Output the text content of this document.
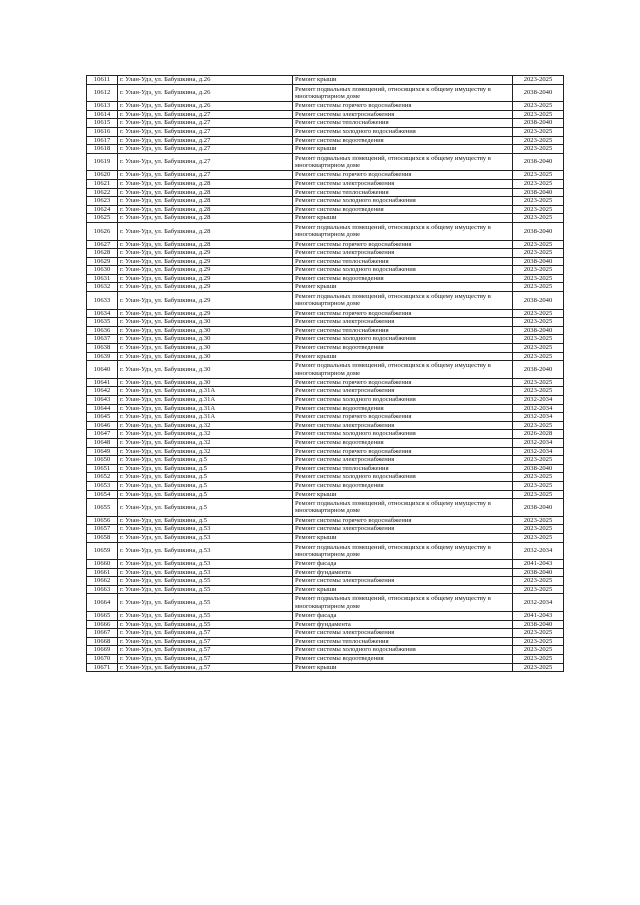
10611	г. Улан-Удэ, ул. Бабушкина, д.26	Ремонт крыши	2023-2025
10612	г. Улан-Удэ, ул. Бабушкина, д.26	Ремонт подвальных помещений, относящихся к общему имуществу в многоквартирном доме	2038-2040
10613	г. Улан-Удэ, ул. Бабушкина, д.26	Ремонт системы горячего водоснабжения	2023-2025
10614	г. Улан-Удэ, ул. Бабушкина, д.27	Ремонт системы электроснабжения	2023-2025
10615	г. Улан-Удэ, ул. Бабушкина, д.27	Ремонт системы теплоснабжения	2038-2040
10616	г. Улан-Удэ, ул. Бабушкина, д.27	Ремонт системы холодного водоснабжения	2023-2025
10617	г. Улан-Удэ, ул. Бабушкина, д.27	Ремонт системы водоотведения	2023-2025
10618	г. Улан-Удэ, ул. Бабушкина, д.27	Ремонт крыши	2023-2025
10619	г. Улан-Удэ, ул. Бабушкина, д.27	Ремонт подвальных помещений, относящихся к общему имуществу в многоквартирном доме	2038-2040
10620	г. Улан-Удэ, ул. Бабушкина, д.27	Ремонт системы горячего водоснабжения	2023-2025
10621	г. Улан-Удэ, ул. Бабушкина, д.28	Ремонт системы электроснабжения	2023-2025
10622	г. Улан-Удэ, ул. Бабушкина, д.28	Ремонт системы теплоснабжения	2038-2040
10623	г. Улан-Удэ, ул. Бабушкина, д.28	Ремонт системы холодного водоснабжения	2023-2025
10624	г. Улан-Удэ, ул. Бабушкина, д.28	Ремонт системы водоотведения	2023-2025
10625	г. Улан-Удэ, ул. Бабушкина, д.28	Ремонт крыши	2023-2025
10626	г. Улан-Удэ, ул. Бабушкина, д.28	Ремонт подвальных помещений, относящихся к общему имуществу в многоквартирном доме	2038-2040
10627	г. Улан-Удэ, ул. Бабушкина, д.28	Ремонт системы горячего водоснабжения	2023-2025
10628	г. Улан-Удэ, ул. Бабушкина, д.29	Ремонт системы электроснабжения	2023-2025
10629	г. Улан-Удэ, ул. Бабушкина, д.29	Ремонт системы теплоснабжения	2038-2040
10630	г. Улан-Удэ, ул. Бабушкина, д.29	Ремонт системы холодного водоснабжения	2023-2025
10631	г. Улан-Удэ, ул. Бабушкина, д.29	Ремонт системы водоотведения	2023-2025
10632	г. Улан-Удэ, ул. Бабушкина, д.29	Ремонт крыши	2023-2025
10633	г. Улан-Удэ, ул. Бабушкина, д.29	Ремонт подвальных помещений, относящихся к общему имуществу в многоквартирном доме	2038-2040
10634	г. Улан-Удэ, ул. Бабушкина, д.29	Ремонт системы горячего водоснабжения	2023-2025
10635	г. Улан-Удэ, ул. Бабушкина, д.30	Ремонт системы электроснабжения	2023-2025
10636	г. Улан-Удэ, ул. Бабушкина, д.30	Ремонт системы теплоснабжения	2038-2040
10637	г. Улан-Удэ, ул. Бабушкина, д.30	Ремонт системы холодного водоснабжения	2023-2025
10638	г. Улан-Удэ, ул. Бабушкина, д.30	Ремонт системы водоотведения	2023-2025
10639	г. Улан-Удэ, ул. Бабушкина, д.30	Ремонт крыши	2023-2025
10640	г. Улан-Удэ, ул. Бабушкина, д.30	Ремонт подвальных помещений, относящихся к общему имуществу в многоквартирном доме	2038-2040
10641	г. Улан-Удэ, ул. Бабушкина, д.30	Ремонт системы горячего водоснабжения	2023-2025
10642	г. Улан-Удэ, ул. Бабушкина, д.31А	Ремонт системы электроснабжения	2023-2025
10643	г. Улан-Удэ, ул. Бабушкина, д.31А	Ремонт системы холодного водоснабжения	2032-2034
10644	г. Улан-Удэ, ул. Бабушкина, д.31А	Ремонт системы водоотведения	2032-2034
10645	г. Улан-Удэ, ул. Бабушкина, д.31А	Ремонт системы горячего водоснабжения	2032-2034
10646	г. Улан-Удэ, ул. Бабушкина, д.32	Ремонт системы электроснабжения	2023-2025
10647	г. Улан-Удэ, ул. Бабушкина, д.32	Ремонт системы холодного водоснабжения	2026-2028
10648	г. Улан-Удэ, ул. Бабушкина, д.32	Ремонт системы водоотведения	2032-2034
10649	г. Улан-Удэ, ул. Бабушкина, д.32	Ремонт системы горячего водоснабжения	2032-2034
10650	г. Улан-Удэ, ул. Бабушкина, д.5	Ремонт системы электроснабжения	2023-2025
10651	г. Улан-Удэ, ул. Бабушкина, д.5	Ремонт системы теплоснабжения	2038-2040
10652	г. Улан-Удэ, ул. Бабушкина, д.5	Ремонт системы холодного водоснабжения	2023-2025
10653	г. Улан-Удэ, ул. Бабушкина, д.5	Ремонт системы водоотведения	2023-2025
10654	г. Улан-Удэ, ул. Бабушкина, д.5	Ремонт крыши	2023-2025
10655	г. Улан-Удэ, ул. Бабушкина, д.5	Ремонт подвальных помещений, относящихся к общему имуществу в многоквартирном доме	2038-2040
10656	г. Улан-Удэ, ул. Бабушкина, д.5	Ремонт системы горячего водоснабжения	2023-2025
10657	г. Улан-Удэ, ул. Бабушкина, д.53	Ремонт системы электроснабжения	2023-2025
10658	г. Улан-Удэ, ул. Бабушкина, д.53	Ремонт крыши	2023-2025
10659	г. Улан-Удэ, ул. Бабушкина, д.53	Ремонт подвальных помещений, относящихся к общему имуществу в многоквартирном доме	2032-2034
10660	г. Улан-Удэ, ул. Бабушкина, д.53	Ремонт фасада	2041-2043
10661	г. Улан-Удэ, ул. Бабушкина, д.53	Ремонт фундамента	2038-2040
10662	г. Улан-Удэ, ул. Бабушкина, д.55	Ремонт системы электроснабжения	2023-2025
10663	г. Улан-Удэ, ул. Бабушкина, д.55	Ремонт крыши	2023-2025
10664	г. Улан-Удэ, ул. Бабушкина, д.55	Ремонт подвальных помещений, относящихся к общему имуществу в многоквартирном доме	2032-2034
10665	г. Улан-Удэ, ул. Бабушкина, д.55	Ремонт фасада	2041-2043
10666	г. Улан-Удэ, ул. Бабушкина, д.55	Ремонт фундамента	2038-2040
10667	г. Улан-Удэ, ул. Бабушкина, д.57	Ремонт системы электроснабжения	2023-2025
10668	г. Улан-Удэ, ул. Бабушкина, д.57	Ремонт системы теплоснабжения	2023-2025
10669	г. Улан-Удэ, ул. Бабушкина, д.57	Ремонт системы холодного водоснабжения	2023-2025
10670	г. Улан-Удэ, ул. Бабушкина, д.57	Ремонт системы водоотведения	2023-2025
10671	г. Улан-Удэ, ул. Бабушкина, д.57	Ремонт крыши	2023-2025
